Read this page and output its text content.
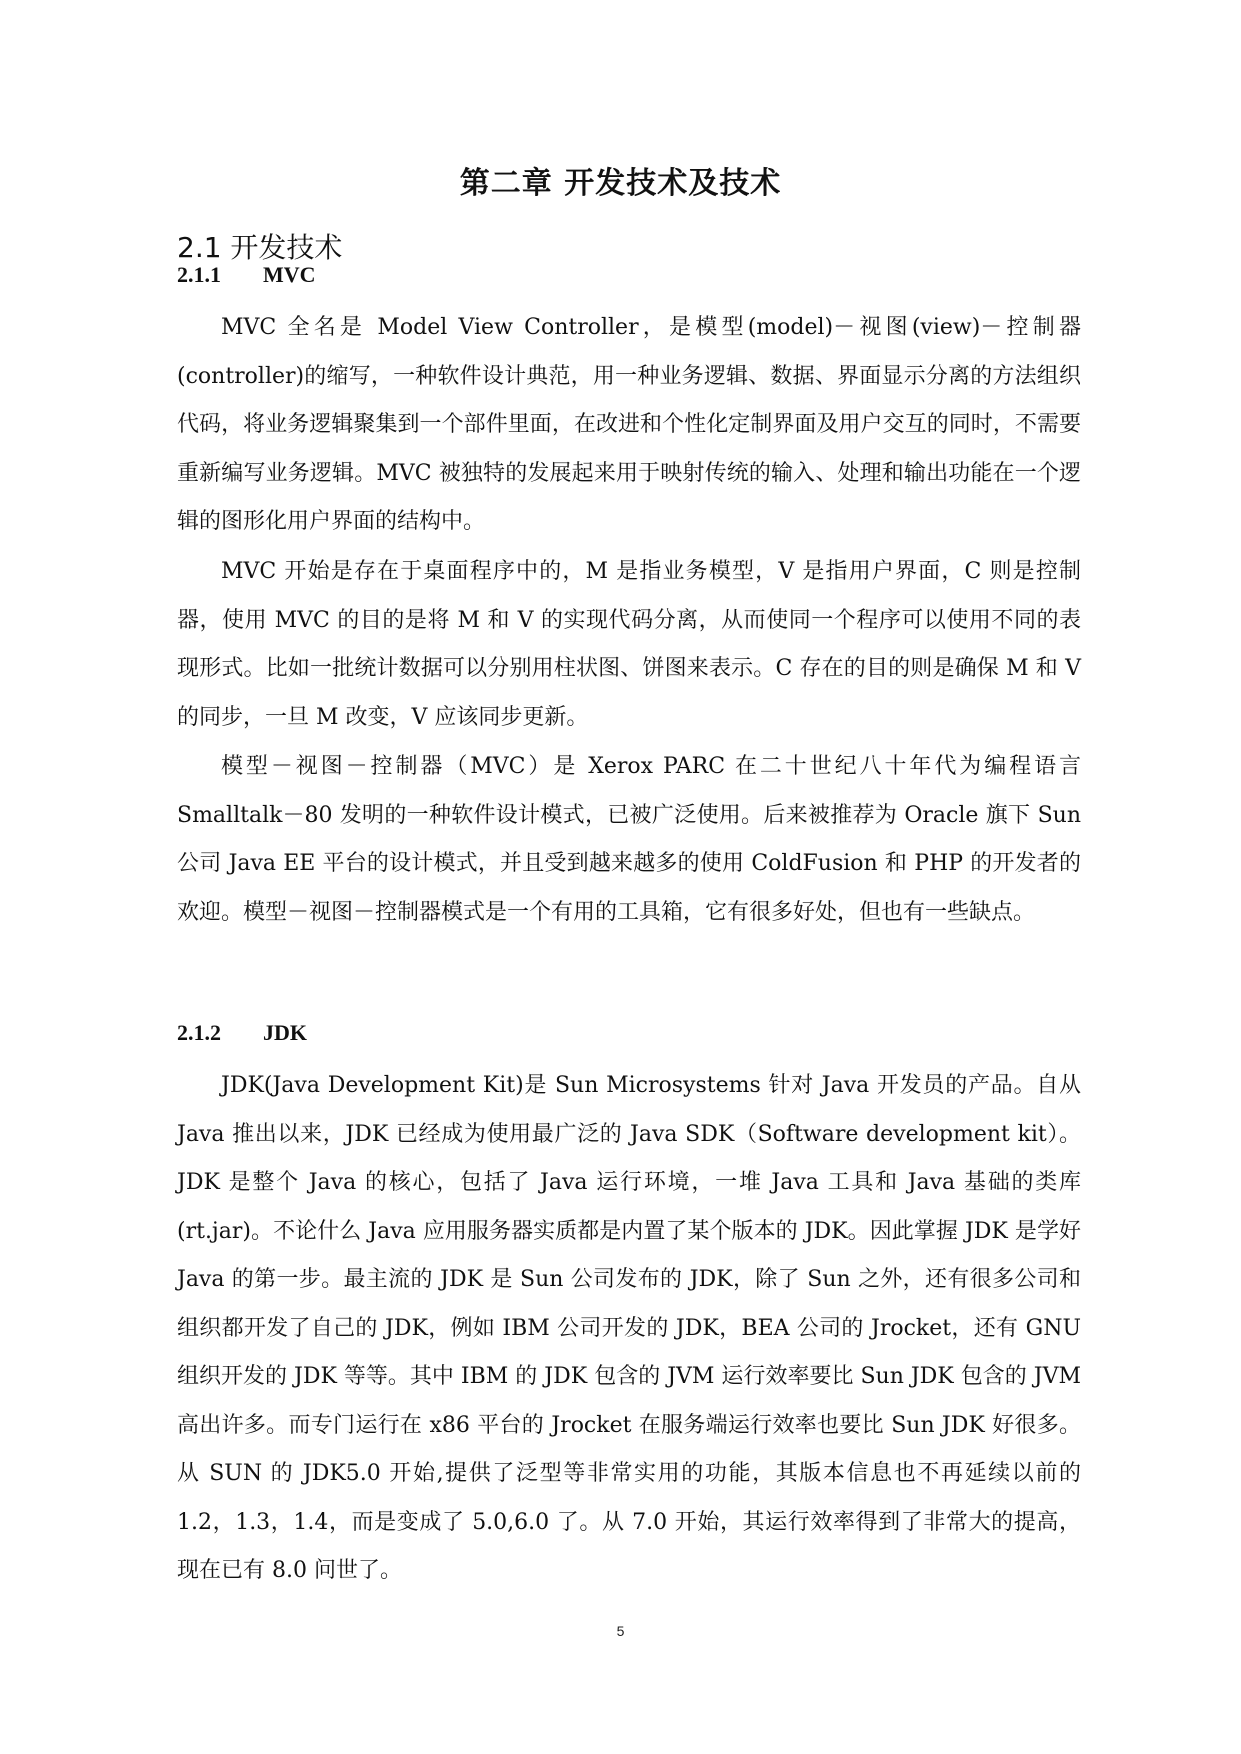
第二章 开发技术及技术
2.1 开发技术
2.1.1 MVC

MVC 全名是 Model View Controller，是模型(model)－视图(view)－控制器(controller)的缩写，一种软件设计典范，用一种业务逻辑、数据、界面显示分离的方法组织代码，将业务逻辑聚集到一个部件里面，在改进和个性化定制界面及用户交互的同时，不需要重新编写业务逻辑。MVC 被独特的发展起来用于映射传统的输入、处理和输出功能在一个逻辑的图形化用户界面的结构中。

MVC 开始是存在于桌面程序中的，M 是指业务模型，V 是指用户界面，C 则是控制器，使用 MVC 的目的是将 M 和 V 的实现代码分离，从而使同一个程序可以使用不同的表现形式。比如一批统计数据可以分别用柱状图、饼图来表示。C 存在的目的则是确保 M 和 V 的同步，一旦 M 改变，V 应该同步更新。

模型－视图－控制器（MVC）是 Xerox PARC 在二十世纪八十年代为编程语言 Smalltalk－80 发明的一种软件设计模式，已被广泛使用。后来被推荐为 Oracle 旗下 Sun 公司 Java EE 平台的设计模式，并且受到越来越多的使用 ColdFusion 和 PHP 的开发者的欢迎。模型－视图－控制器模式是一个有用的工具箱，它有很多好处，但也有一些缺点。

2.1.2 JDK

JDK(Java Development Kit)是 Sun Microsystems 针对 Java 开发员的产品。自从 Java 推出以来，JDK 已经成为使用最广泛的 Java SDK（Software development kit）。JDK 是整个 Java 的核心，包括了 Java 运行环境，一堆 Java 工具和 Java 基础的类库(rt.jar)。不论什么 Java 应用服务器实质都是内置了某个版本的 JDK。因此掌握 JDK 是学好 Java 的第一步。最主流的 JDK 是 Sun 公司发布的 JDK，除了 Sun 之外，还有很多公司和组织都开发了自己的 JDK，例如 IBM 公司开发的 JDK，BEA 公司的 Jrocket，还有 GNU 组织开发的 JDK 等等。其中 IBM 的 JDK 包含的 JVM 运行效率要比 Sun JDK 包含的 JVM 高出许多。而专门运行在 x86 平台的 Jrocket 在服务端运行效率也要比 Sun JDK 好很多。从 SUN 的 JDK5.0 开始,提供了泛型等非常实用的功能，其版本信息也不再延续以前的 1.2，1.3，1.4，而是变成了 5.0,6.0 了。从 7.0 开始，其运行效率得到了非常大的提高，现在已有 8.0 问世了。

5
